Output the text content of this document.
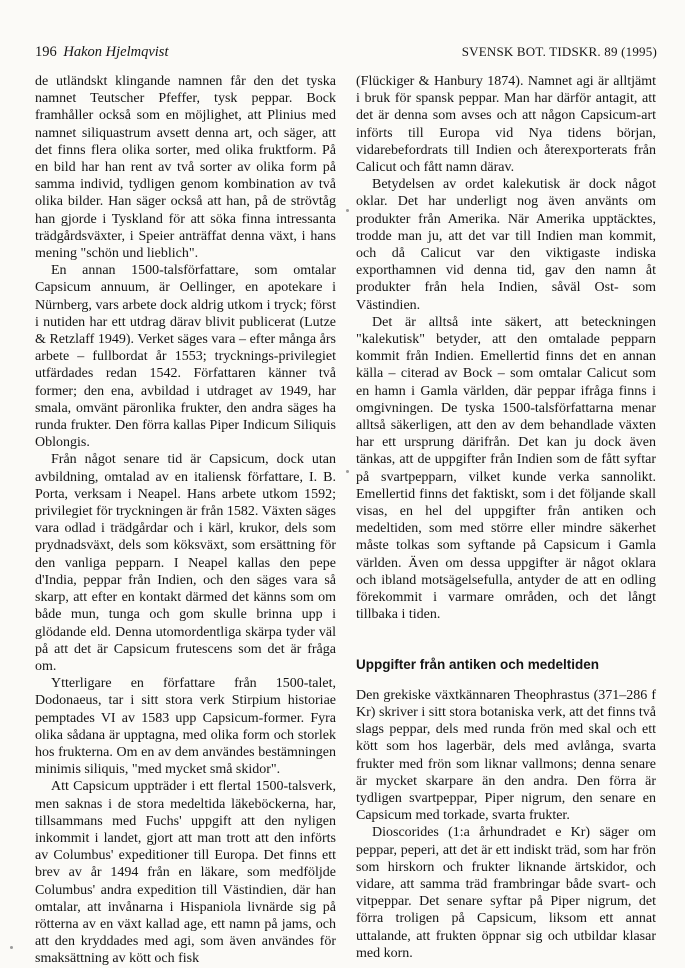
196 Hakon Hjelmqvist	SVENSK BOT. TIDSKR. 89 (1995)

de utländskt klingande namnen får den det tyska namnet Teutscher Pfeffer, tysk peppar. Bock framhåller också som en möjlighet, att Plinius med namnet siliquastrum avsett denna art, och säger, att det finns flera olika sorter, med olika fruktform. På en bild har han rent av två sorter av olika form på samma individ, tydligen genom kombination av två olika bilder. Han säger också att han, på de strövtåg han gjorde i Tyskland för att söka finna intressanta trädgårdsväxter, i Speier anträffat denna växt, i hans mening "schön und lieblich".

En annan 1500-talsförfattare, som omtalar Capsicum annuum, är Oellinger, en apotekare i Nürnberg, vars arbete dock aldrig utkom i tryck; först i nutiden har ett utdrag därav blivit publicerat (Lutze & Retzlaff 1949). Verket säges vara – efter många års arbete – fullbordat år 1553; trycknings-privilegiet utfärdades redan 1542. Författaren känner två former; den ena, avbildad i utdraget av 1949, har smala, omvänt päronlika frukter, den andra säges ha runda frukter. Den förra kallas Piper Indicum Siliquis Oblongis.

Från något senare tid är Capsicum, dock utan avbildning, omtalad av en italiensk författare, I. B. Porta, verksam i Neapel. Hans arbete utkom 1592; privilegiet för tryckningen är från 1582. Växten säges vara odlad i trädgårdar och i kärl, krukor, dels som prydnadsväxt, dels som köksväxt, som ersättning för den vanliga pepparn. I Neapel kallas den pepe d'India, peppar från Indien, och den säges vara så skarp, att efter en kontakt därmed det känns som om både mun, tunga och gom skulle brinna upp i glödande eld. Denna utomordentliga skärpa tyder väl på att det är Capsicum frutescens som det är fråga om.

Ytterligare en författare från 1500-talet, Dodonaeus, tar i sitt stora verk Stirpium historiae pemptades VI av 1583 upp Capsicum-former. Fyra olika sådana är upptagna, med olika form och storlek hos frukterna. Om en av dem användes bestämningen minimis siliquis, "med mycket små skidor".

Att Capsicum uppträder i ett flertal 1500-talsverk, men saknas i de stora medeltida läkeböckerna, har, tillsammans med Fuchs' uppgift att den nyligen inkommit i landet, gjort att man trott att den införts av Columbus' expeditioner till Europa. Det finns ett brev av år 1494 från en läkare, som medföljde Columbus' andra expedition till Västindien, där han omtalar, att invånarna i Hispaniola livnärde sig på rötterna av en växt kallad age, ett namn på jams, och att den kryddades med agi, som även användes för smaksättning av kött och fisk

(Flückiger & Hanbury 1874). Namnet agi är alltjämt i bruk för spansk peppar. Man har därför antagit, att det är denna som avses och att någon Capsicum-art införts till Europa vid Nya tidens början, vidarebefordrats till Indien och återexporterats från Calicut och fått namn därav.

Betydelsen av ordet kalekutisk är dock något oklar. Det har underligt nog även använts om produkter från Amerika. När Amerika upptäcktes, trodde man ju, att det var till Indien man kommit, och då Calicut var den viktigaste indiska exporthamnen vid denna tid, gav den namn åt produkter från hela Indien, såväl Ost- som Västindien.

Det är alltså inte säkert, att beteckningen "kalekutisk" betyder, att den omtalade pepparn kommit från Indien. Emellertid finns det en annan källa – citerad av Bock – som omtalar Calicut som en hamn i Gamla världen, där peppar ifråga finns i omgivningen. De tyska 1500-talsförfattarna menar alltså säkerligen, att den av dem behandlade växten har ett ursprung därifrån. Det kan ju dock även tänkas, att de uppgifter från Indien som de fått syftar på svartpepparn, vilket kunde verka sannolikt. Emellertid finns det faktiskt, som i det följande skall visas, en hel del uppgifter från antiken och medeltiden, som med större eller mindre säkerhet måste tolkas som syftande på Capsicum i Gamla världen. Även om dessa uppgifter är något oklara och ibland motsägelsefulla, antyder de att en odling förekommit i varmare områden, och det långt tillbaka i tiden.

Uppgifter från antiken och medeltiden

Den grekiske växtkännaren Theophrastus (371–286 f Kr) skriver i sitt stora botaniska verk, att det finns två slags peppar, dels med runda frön med skal och ett kött som hos lagerbär, dels med avlånga, svarta frukter med frön som liknar vallmons; denna senare är mycket skarpare än den andra. Den förra är tydligen svartpeppar, Piper nigrum, den senare en Capsicum med torkade, svarta frukter.

Dioscorides (1:a århundradet e Kr) säger om peppar, peperi, att det är ett indiskt träd, som har frön som hirskorn och frukter liknande ärtskidor, och vidare, att samma träd frambringar både svart- och vitpeppar. Det senare syftar på Piper nigrum, det förra troligen på Capsicum, liksom ett annat uttalande, att frukten öppnar sig och utbildar klasar med korn.
